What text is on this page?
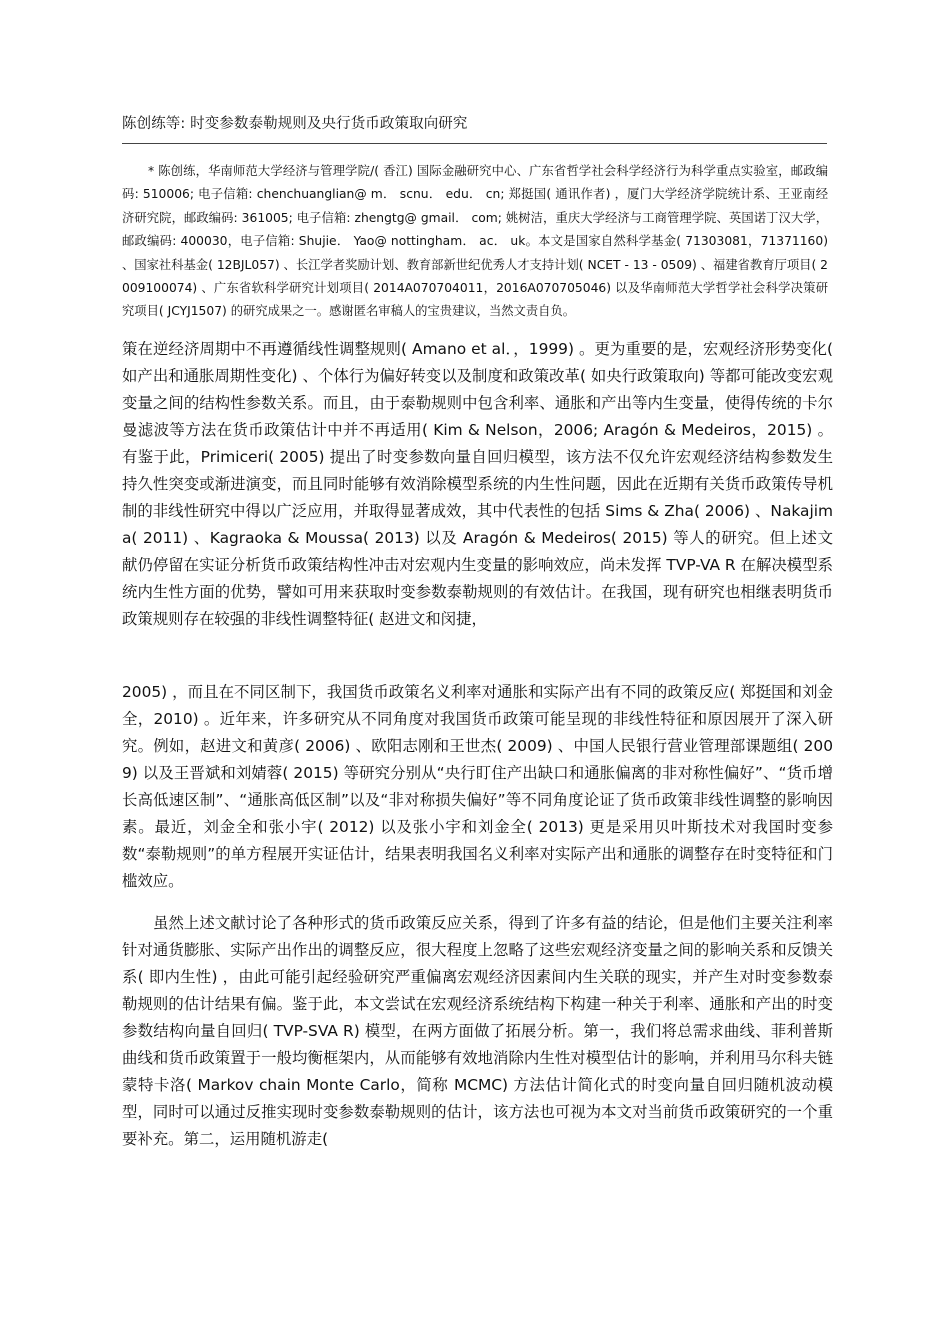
陈创练等: 时变参数泰勒规则及央行货币政策取向研究

* 陈创练，华南师范大学经济与管理学院/( 香江) 国际金融研究中心、广东省哲学社会科学经济行为科学重点实验室，邮政编码: 510006; 电子信箱: chenchuanglian@ m． scnu． edu． cn; 郑挺国( 通讯作者) ，厦门大学经济学院统计系、王亚南经济研究院，邮政编码: 361005; 电子信箱: zhengtg@ gmail． com; 姚树洁，重庆大学经济与工商管理学院、英国诺丁汉大学，邮政编码: 400030，电子信箱: Shujie． Yao@ nottingham． ac． uk。本文是国家自然科学基金( 71303081，71371160) 、国家社科基金( 12BJL057) 、长江学者奖励计划、教育部新世纪优秀人才支持计划( NCET - 13 - 0509) 、福建省教育厅项目( 2009100074) 、广东省软科学研究计划项目( 2014A070704011，2016A070705046) 以及华南师范大学哲学社会科学决策研究项目( JCYJ1507) 的研究成果之一。感谢匿名审稿人的宝贵建议，当然文责自负。

策在逆经济周期中不再遵循线性调整规则( Amano et al．，1999) 。更为重要的是，宏观经济形势变化( 如产出和通胀周期性变化) 、个体行为偏好转变以及制度和政策改革( 如央行政策取向) 等都可能改变宏观变量之间的结构性参数关系。而且，由于泰勒规则中包含利率、通胀和产出等内生变量，使得传统的卡尔曼滤波等方法在货币政策估计中并不再适用( Kim & Nelson，2006; Aragón & Medeiros，2015) 。有鉴于此，Primiceri( 2005) 提出了时变参数向量自回归模型，该方法不仅允许宏观经济结构参数发生持久性突变或渐进演变，而且同时能够有效消除模型系统的内生性问题，因此在近期有关货币政策传导机制的非线性研究中得以广泛应用，并取得显著成效，其中代表性的包括 Sims & Zha( 2006) 、Nakajima( 2011) 、Kagraoka & Moussa( 2013) 以及 Aragón & Medeiros( 2015) 等人的研究。但上述文献仍停留在实证分析货币政策结构性冲击对宏观内生变量的影响效应，尚未发挥 TVP-VA R 在解决模型系统内生性方面的优势，譬如可用来获取时变参数泰勒规则的有效估计。在我国，现有研究也相继表明货币政策规则存在较强的非线性调整特征( 赵进文和闵捷，

2005) ，而且在不同区制下，我国货币政策名义利率对通胀和实际产出有不同的政策反应( 郑挺国和刘金全，2010) 。近年来，许多研究从不同角度对我国货币政策可能呈现的非线性特征和原因展开了深入研究。例如，赵进文和黄彦( 2006) 、欧阳志刚和王世杰( 2009) 、中国人民银行营业管理部课题组( 2009) 以及王晋斌和刘婧蓉( 2015) 等研究分别从“央行盯住产出缺口和通胀偏离的非对称性偏好”、“货币增长高低速区制”、“通胀高低区制”以及“非对称损失偏好”等不同角度论证了货币政策非线性调整的影响因素。最近，刘金全和张小宇( 2012) 以及张小宇和刘金全( 2013) 更是采用贝叶斯技术对我国时变参数“泰勒规则”的单方程展开实证估计，结果表明我国名义利率对实际产出和通胀的调整存在时变特征和门槛效应。

虽然上述文献讨论了各种形式的货币政策反应关系，得到了许多有益的结论，但是他们主要关注利率针对通货膨胀、实际产出作出的调整反应，很大程度上忽略了这些宏观经济变量之间的影响关系和反馈关系( 即内生性) ，由此可能引起经验研究严重偏离宏观经济因素间内生关联的现实，并产生对时变参数泰勒规则的估计结果有偏。鉴于此，本文尝试在宏观经济系统结构下构建一种关于利率、通胀和产出的时变参数结构向量自回归( TVP-SVA R) 模型，在两方面做了拓展分析。第一，我们将总需求曲线、菲利普斯曲线和货币政策置于一般均衡框架内，从而能够有效地消除内生性对模型估计的影响，并利用马尔科夫链蒙特卡洛( Markov chain Monte Carlo，简称 MCMC) 方法估计简化式的时变向量自回归随机波动模型，同时可以通过反推实现时变参数泰勒规则的估计，该方法也可视为本文对当前货币政策研究的一个重要补充。第二，运用随机游走(
